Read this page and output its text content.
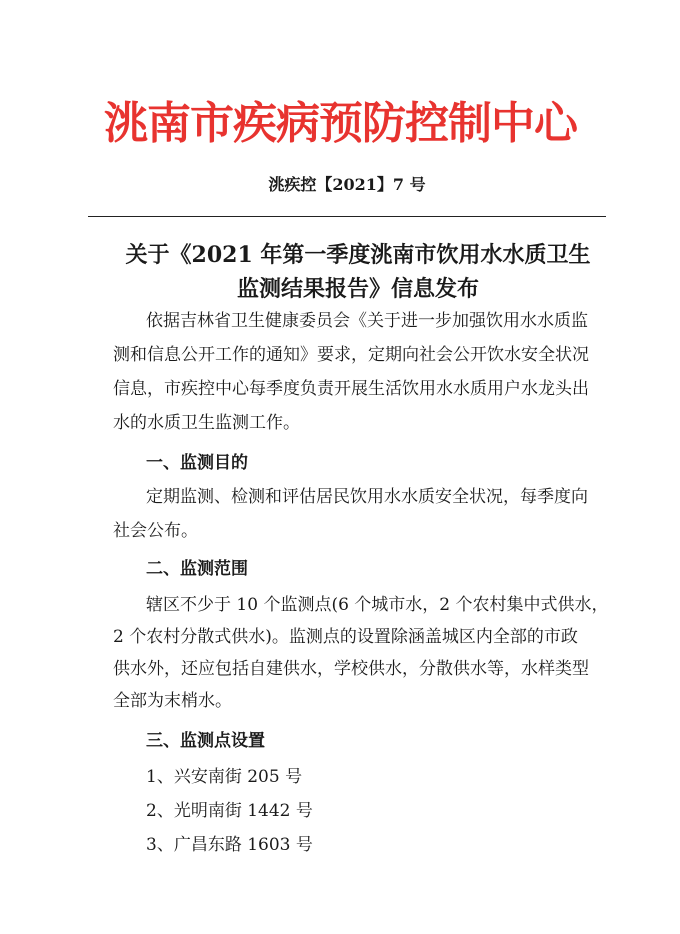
洮南市疾病预防控制中心
洮疾控【2021】7 号
关于《2021 年第一季度洮南市饮用水水质卫生
监测结果报告》信息发布
依据吉林省卫生健康委员会《关于进一步加强饮用水水质监
测和信息公开工作的通知》要求，定期向社会公开饮水安全状况
信息，市疾控中心每季度负责开展生活饮用水水质用户水龙头出
水的水质卫生监测工作。
一、监测目的
定期监测、检测和评估居民饮用水水质安全状况，每季度向
社会公布。
二、监测范围
辖区不少于 10 个监测点(6 个城市水，2 个农村集中式供水，
2 个农村分散式供水)。监测点的设置除涵盖城区内全部的市政
供水外，还应包括自建供水，学校供水，分散供水等，水样类型
全部为末梢水。
三、监测点设置
1、兴安南街 205 号
2、光明南街 1442 号
3、广昌东路 1603 号
